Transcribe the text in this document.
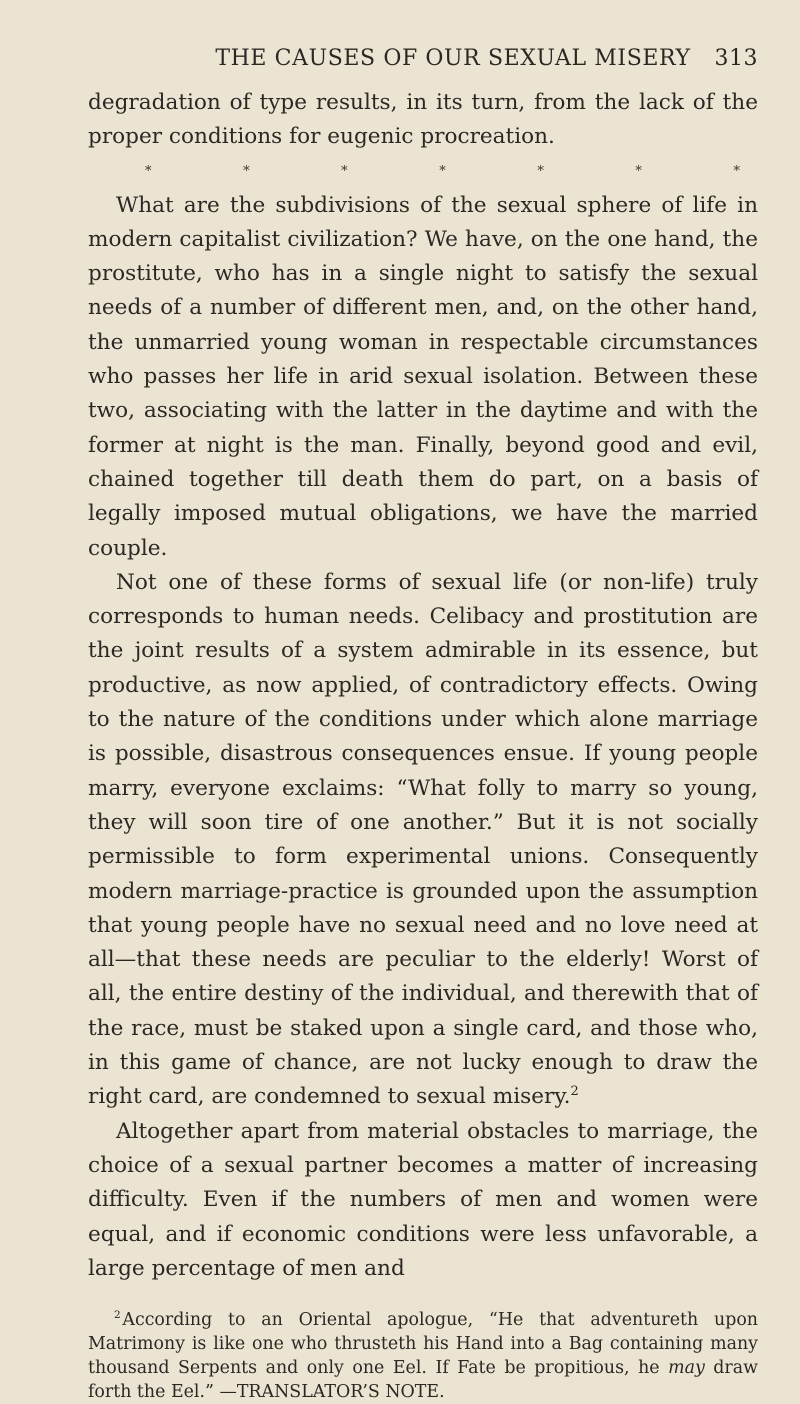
THE CAUSES OF OUR SEXUAL MISERY 313

degradation of type results, in its turn, from the lack of the proper conditions for eugenic procreation.

*	*	*	*	*	*	*

What are the subdivisions of the sexual sphere of life in modern capitalist civilization? We have, on the one hand, the prostitute, who has in a single night to satisfy the sexual needs of a number of different men, and, on the other hand, the unmarried young woman in respectable circumstances who passes her life in arid sexual isolation. Between these two, associating with the latter in the daytime and with the former at night is the man. Finally, beyond good and evil, chained together till death them do part, on a basis of legally imposed mutual obligations, we have the married couple.

Not one of these forms of sexual life (or non-life) truly corresponds to human needs. Celibacy and prostitution are the joint results of a system admirable in its essence, but productive, as now applied, of contradictory effects. Owing to the nature of the conditions under which alone marriage is possible, disastrous consequences ensue. If young people marry, everyone exclaims: “What folly to marry so young, they will soon tire of one another.” But it is not socially permissible to form experimental unions. Consequently modern marriage-practice is grounded upon the assumption that young people have no sexual need and no love need at all—that these needs are peculiar to the elderly! Worst of all, the entire destiny of the individual, and therewith that of the race, must be staked upon a single card, and those who, in this game of chance, are not lucky enough to draw the right card, are condemned to sexual misery.$^2$

Altogether apart from material obstacles to marriage, the choice of a sexual partner becomes a matter of increasing difficulty. Even if the numbers of men and women were equal, and if economic conditions were less unfavorable, a large percentage of men and

$^2$ According to an Oriental apologue, “He that adventureth upon Matrimony is like one who thrusteth his Hand into a Bag containing many thousand Serpents and only one Eel. If Fate be propitious, he may draw forth the Eel.” —TRANSLATOR’S NOTE.
